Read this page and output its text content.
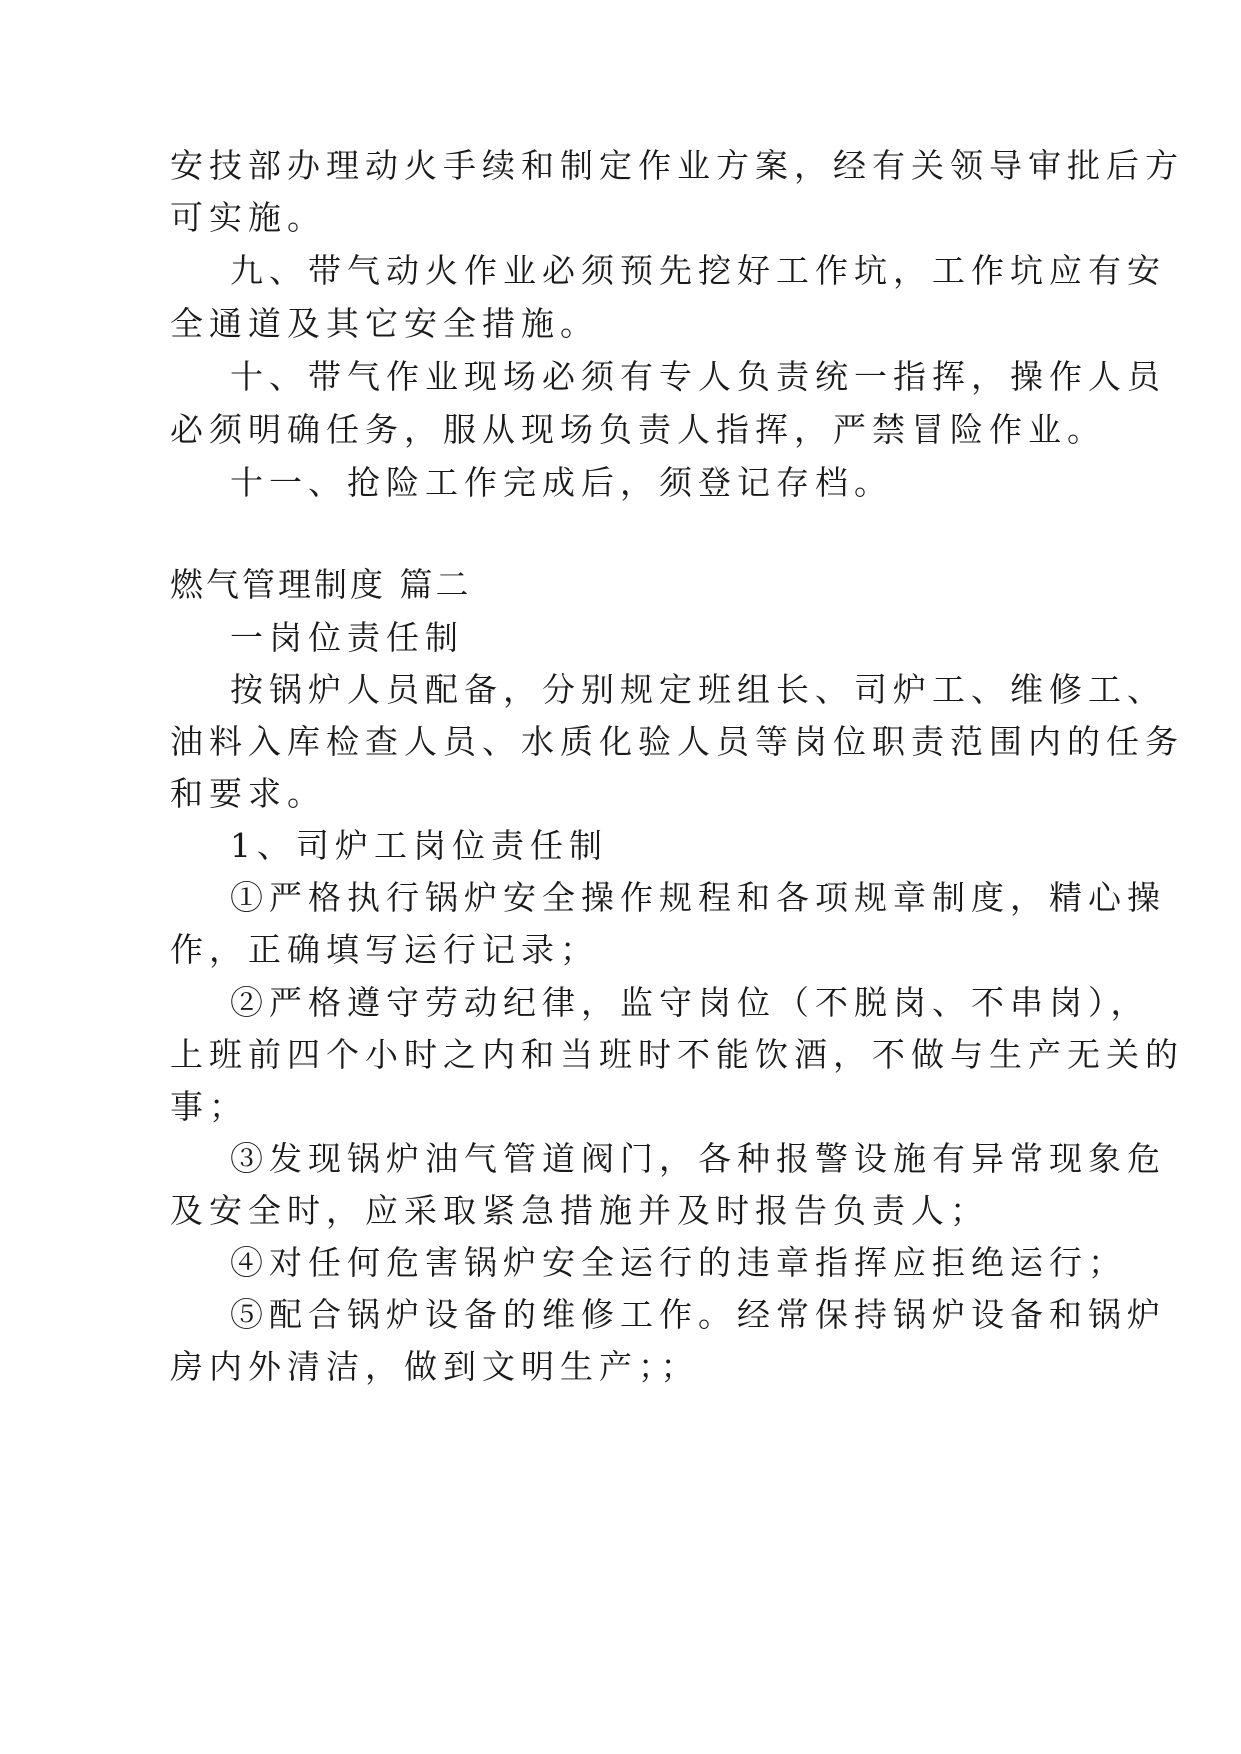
安技部办理动火手续和制定作业方案，经有关领导审批后方
可实施。
九、带气动火作业必须预先挖好工作坑，工作坑应有安
全通道及其它安全措施。
十、带气作业现场必须有专人负责统一指挥，操作人员
必须明确任务，服从现场负责人指挥，严禁冒险作业。
十一、抢险工作完成后，须登记存档。
燃气管理制度 篇二
一岗位责任制
按锅炉人员配备，分别规定班组长、司炉工、维修工、
油料入库检查人员、水质化验人员等岗位职责范围内的任务
和要求。
1、司炉工岗位责任制
①严格执行锅炉安全操作规程和各项规章制度，精心操
作，正确填写运行记录；
②严格遵守劳动纪律，监守岗位（不脱岗、不串岗），
上班前四个小时之内和当班时不能饮酒，不做与生产无关的
事；
③发现锅炉油气管道阀门，各种报警设施有异常现象危
及安全时，应采取紧急措施并及时报告负责人；
④对任何危害锅炉安全运行的违章指挥应拒绝运行；
⑤配合锅炉设备的维修工作。经常保持锅炉设备和锅炉
房内外清洁，做到文明生产；；
